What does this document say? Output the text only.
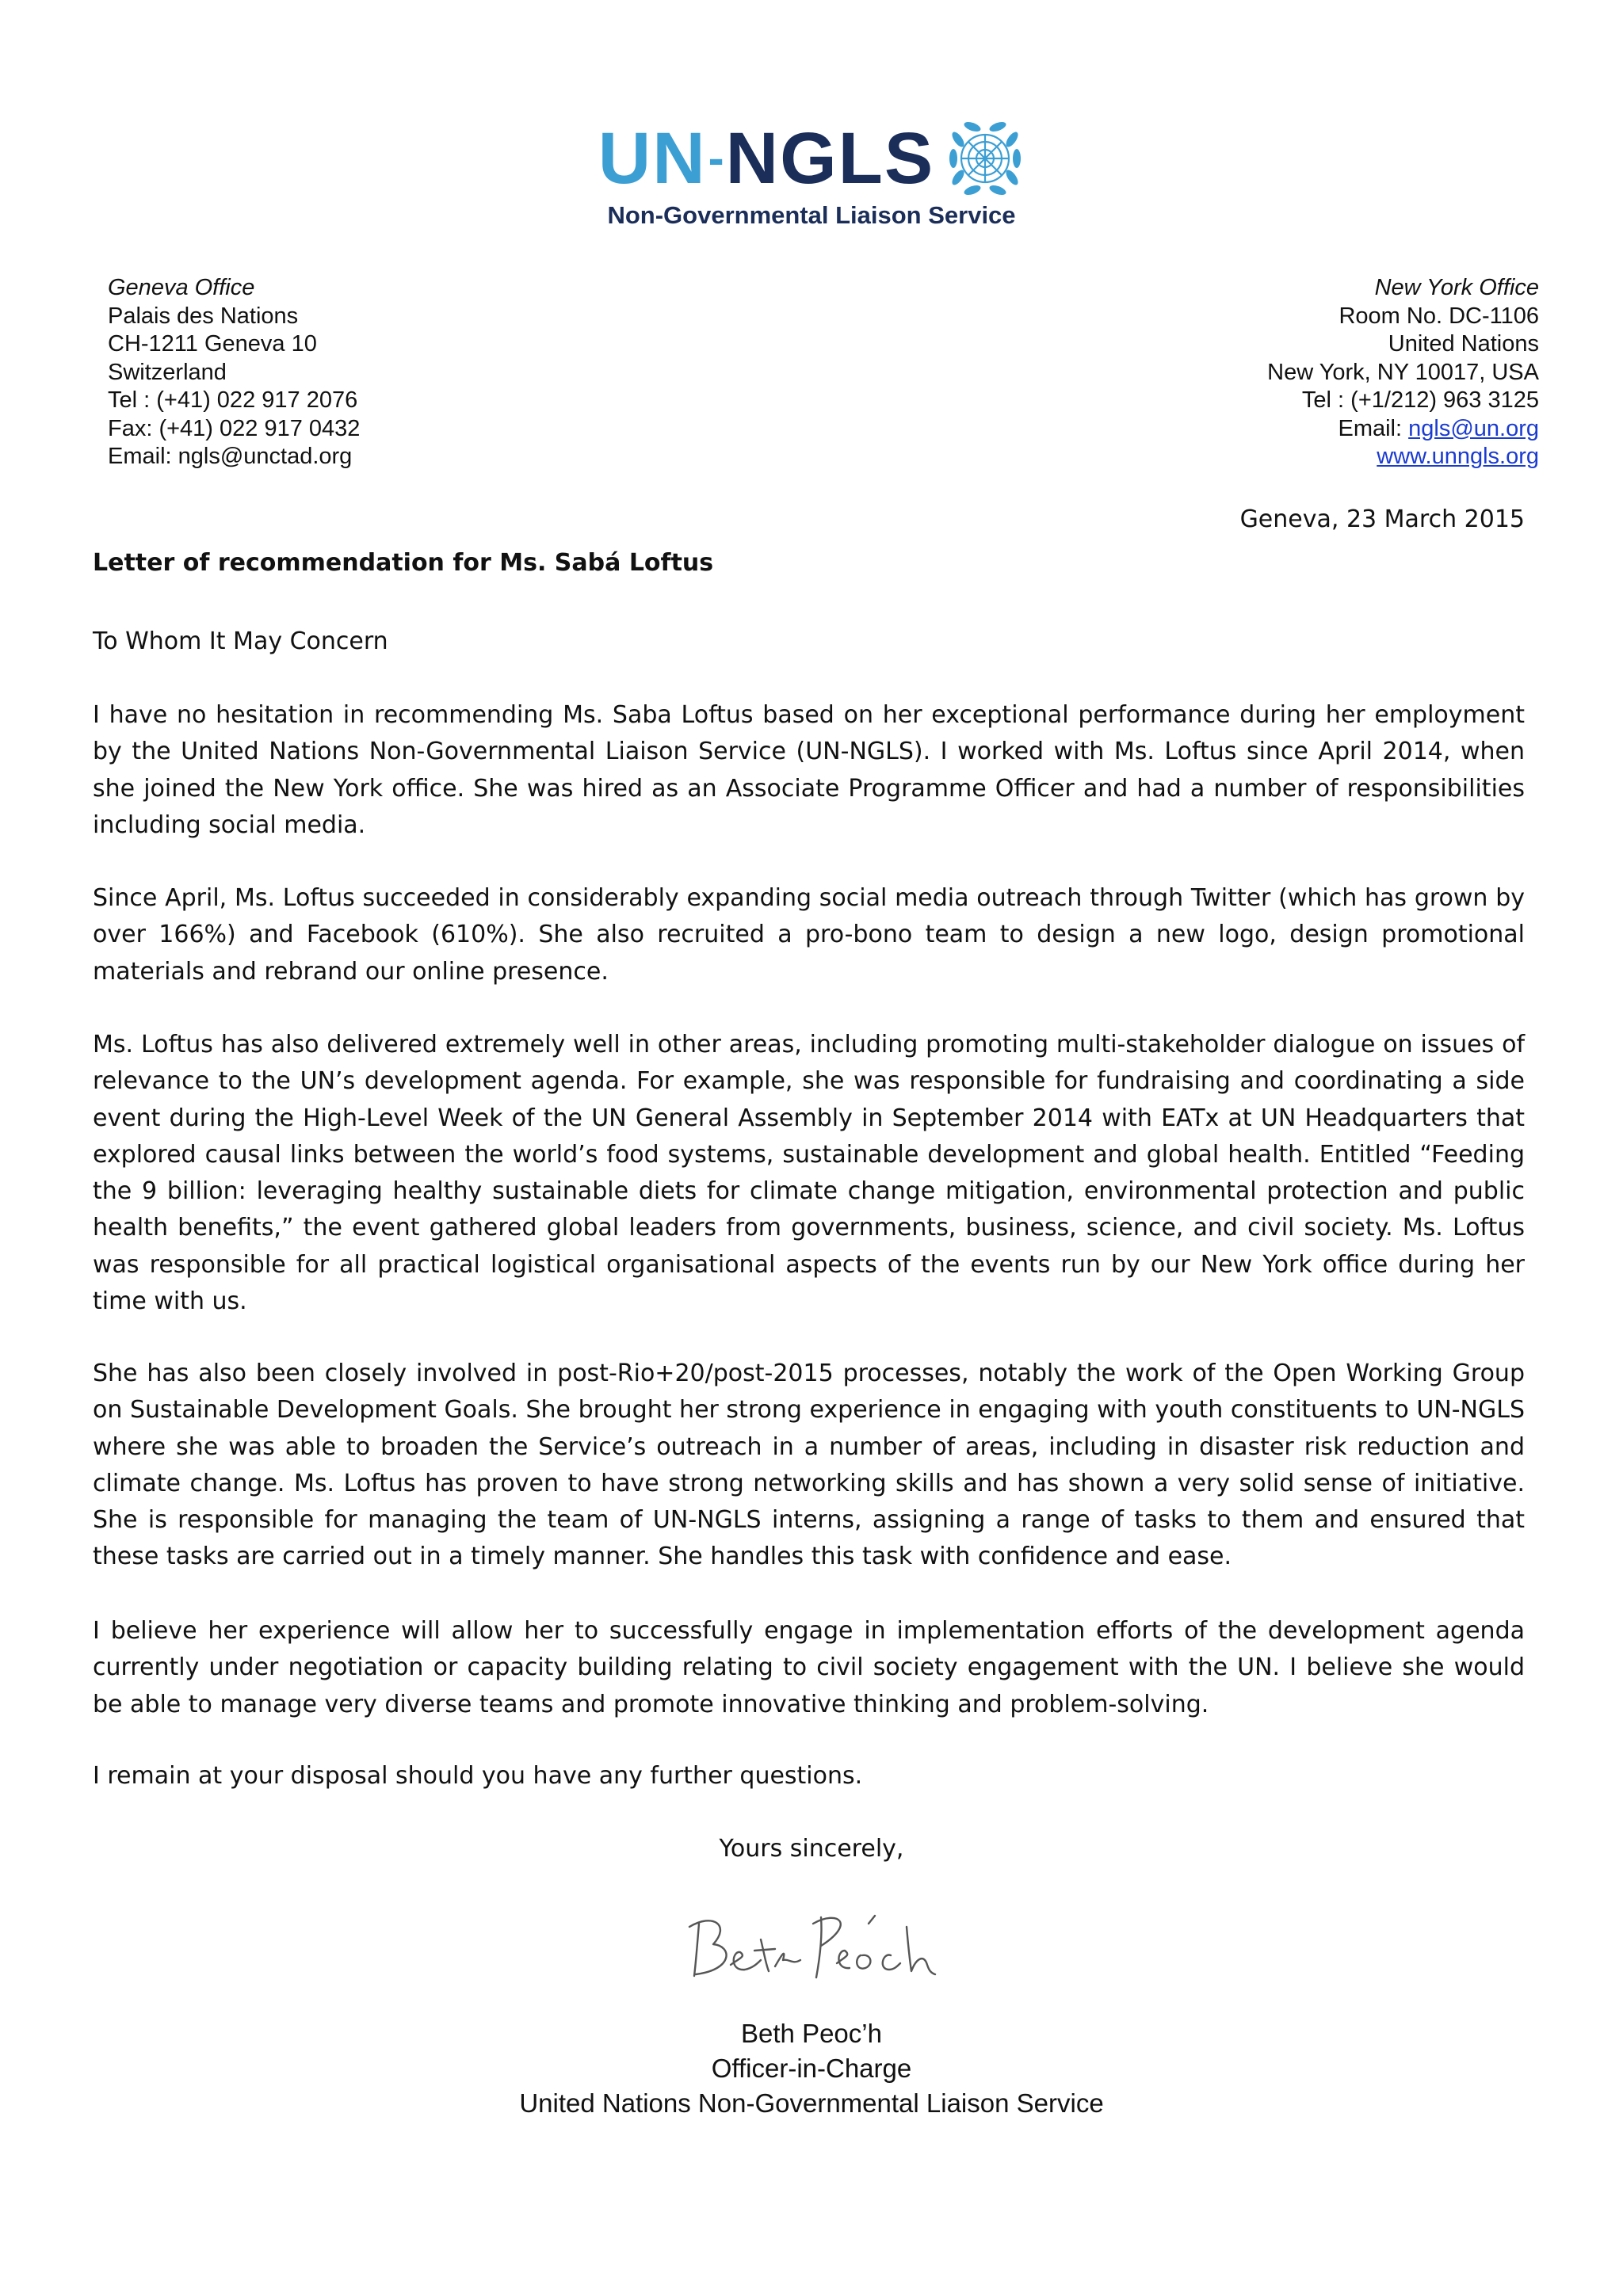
UN - NGLS
Non-Governmental Liaison Service
Geneva Office
Palais des Nations
CH-1211 Geneva 10
Switzerland
Tel : (+41) 022 917 2076
Fax: (+41) 022 917 0432
Email: ngls@unctad.org
New York Office
Room No. DC-1106
United Nations
New York, NY 10017, USA
Tel : (+1/212) 963 3125
Email: ngls@un.org
www.unngls.org
Geneva, 23 March 2015
Letter of recommendation for Ms. Sabá Loftus
To Whom It May Concern
I have no hesitation in recommending Ms. Saba Loftus based on her exceptional performance during her employment by the United Nations Non-Governmental Liaison Service (UN-NGLS). I worked with Ms. Loftus since April 2014, when she joined the New York office. She was hired as an Associate Programme Officer and had a number of responsibilities including social media.
Since April, Ms. Loftus succeeded in considerably expanding social media outreach through Twitter (which has grown by over 166%) and Facebook (610%). She also recruited a pro-bono team to design a new logo, design promotional materials and rebrand our online presence.
Ms. Loftus has also delivered extremely well in other areas, including promoting multi-stakeholder dialogue on issues of relevance to the UN’s development agenda. For example, she was responsible for fundraising and coordinating a side event during the High-Level Week of the UN General Assembly in September 2014 with EATx at UN Headquarters that explored causal links between the world’s food systems, sustainable development and global health. Entitled “Feeding the 9 billion: leveraging healthy sustainable diets for climate change mitigation, environmental protection and public health benefits,” the event gathered global leaders from governments, business, science, and civil society. Ms. Loftus was responsible for all practical logistical organisational aspects of the events run by our New York office during her time with us.
She has also been closely involved in post-Rio+20/post-2015 processes, notably the work of the Open Working Group on Sustainable Development Goals. She brought her strong experience in engaging with youth constituents to UN-NGLS where she was able to broaden the Service’s outreach in a number of areas, including in disaster risk reduction and climate change. Ms. Loftus has proven to have strong networking skills and has shown a very solid sense of initiative. She is responsible for managing the team of UN-NGLS interns, assigning a range of tasks to them and ensured that these tasks are carried out in a timely manner. She handles this task with confidence and ease.
I believe her experience will allow her to successfully engage in implementation efforts of the development agenda currently under negotiation or capacity building relating to civil society engagement with the UN. I believe she would be able to manage very diverse teams and promote innovative thinking and problem-solving.
I remain at your disposal should you have any further questions.
Yours sincerely,
Beth Peoc’h
Officer-in-Charge
United Nations Non-Governmental Liaison Service
